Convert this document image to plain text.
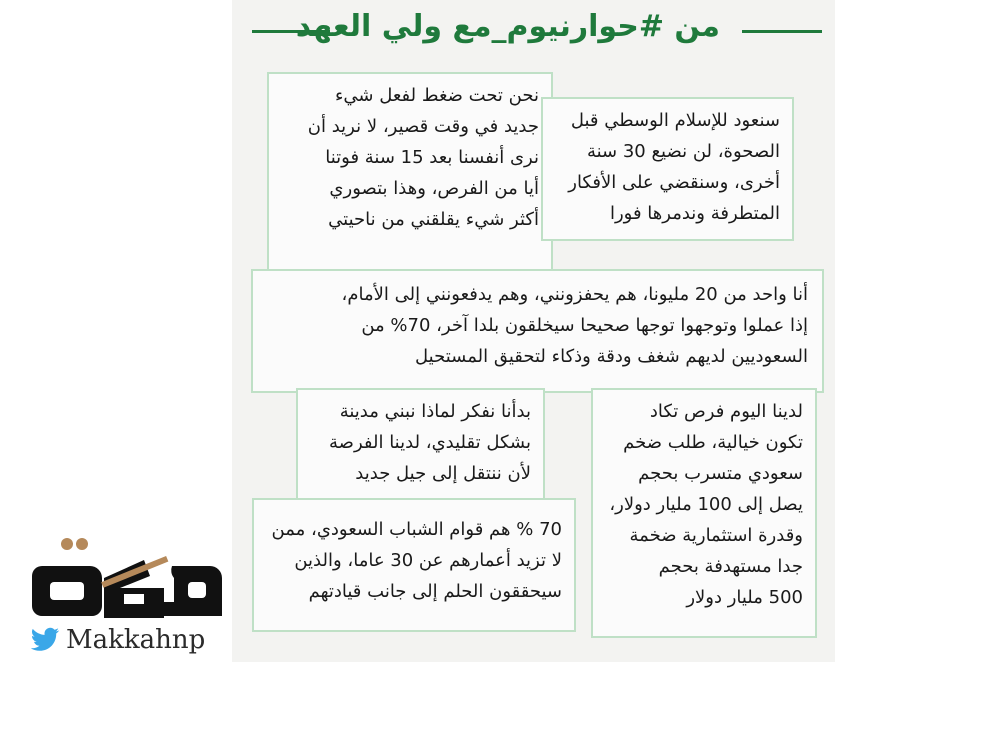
من #حوارنيوم_مع ولي العهد
نحن تحت ضغط لفعل شيء
جديد في وقت قصير، لا نريد أن
نرى أنفسنا بعد 15 سنة فوتنا
أيا من الفرص، وهذا بتصوري
أكثر شيء يقلقني من ناحيتي
سنعود للإسلام الوسطي قبل
الصحوة، لن نضيع 30 سنة
أخرى، وسنقضي على الأفكار
المتطرفة وندمرها فورا
أنا واحد من 20 مليونا، هم يحفزونني، وهم يدفعونني إلى الأمام،
إذا عملوا وتوجهوا توجها صحيحا سيخلقون بلدا آخر، 70% من
السعوديين لديهم شغف ودقة وذكاء لتحقيق المستحيل
بدأنا نفكر لماذا نبني مدينة
بشكل تقليدي، لدينا الفرصة
لأن ننتقل إلى جيل جديد
لدينا اليوم فرص تكاد
تكون خيالية، طلب ضخم
سعودي متسرب بحجم
يصل إلى 100 مليار دولار،
وقدرة استثمارية ضخمة
جدا مستهدفة بحجم
500 مليار دولار
70 % هم قوام الشباب السعودي، ممن
لا تزيد أعمارهم عن 30 عاما، والذين
سيحققون الحلم إلى جانب قيادتهم
Makkahnp
